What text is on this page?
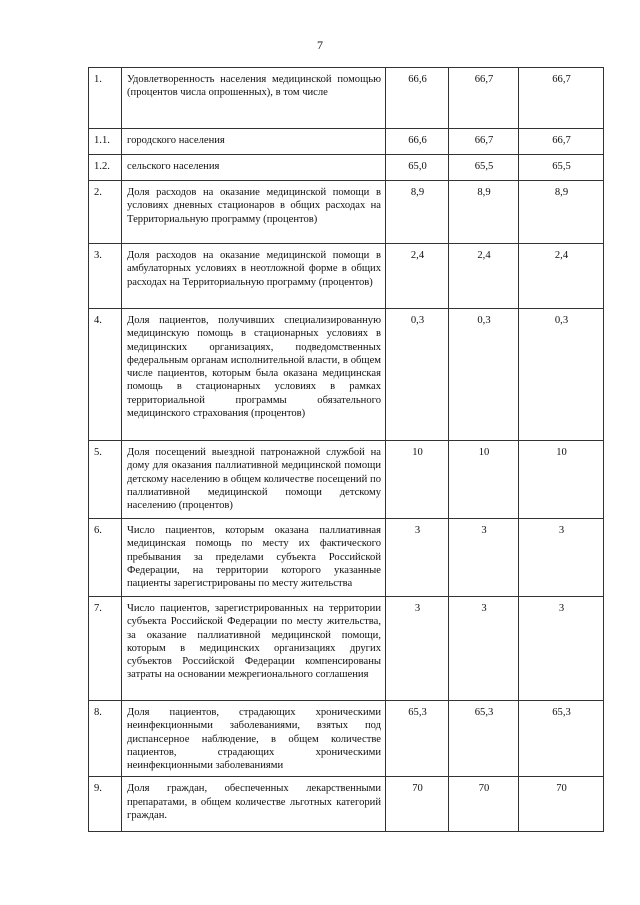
7
1.	Удовлетворенность населения медицинской помощью (процентов числа опрошенных), в том числе	66,6	66,7	66,7
1.1.	городского населения	66,6	66,7	66,7
1.2.	сельского населения	65,0	65,5	65,5
2.	Доля расходов на оказание медицинской помощи в условиях дневных стационаров в общих расходах на Территориальную программу (процентов)	8,9	8,9	8,9
3.	Доля расходов на оказание медицинской помощи в амбулаторных условиях в неотложной форме в общих расходах на Территориальную программу (процентов)	2,4	2,4	2,4
4.	Доля пациентов, получивших специализированную медицинскую помощь в стационарных условиях в медицинских организациях, подведомственных федеральным органам исполнительной власти, в общем числе пациентов, которым была оказана медицинская помощь в стационарных условиях в рамках территориальной программы обязательного медицинского страхования (процентов)	0,3	0,3	0,3
5.	Доля посещений выездной патронажной службой на дому для оказания паллиативной медицинской помощи детскому населению в общем количестве посещений по паллиативной медицинской помощи детскому населению (процентов)	10	10	10
6.	Число пациентов, которым оказана паллиативная медицинская помощь по месту их фактического пребывания за пределами субъекта Российской Федерации, на территории которого указанные пациенты зарегистрированы по месту жительства	3	3	3
7.	Число пациентов, зарегистрированных на территории субъекта Российской Федерации по месту жительства, за оказание паллиативной медицинской помощи, которым в медицинских организациях других субъектов Российской Федерации компенсированы затраты на основании межрегионального соглашения	3	3	3
8.	Доля пациентов, страдающих хроническими неинфекционными заболеваниями, взятых под диспансерное наблюдение, в общем количестве пациентов, страдающих хроническими неинфекционными заболеваниями	65,3	65,3	65,3
9.	Доля граждан, обеспеченных лекарственными препаратами, в общем количестве льготных категорий граждан.	70	70	70
